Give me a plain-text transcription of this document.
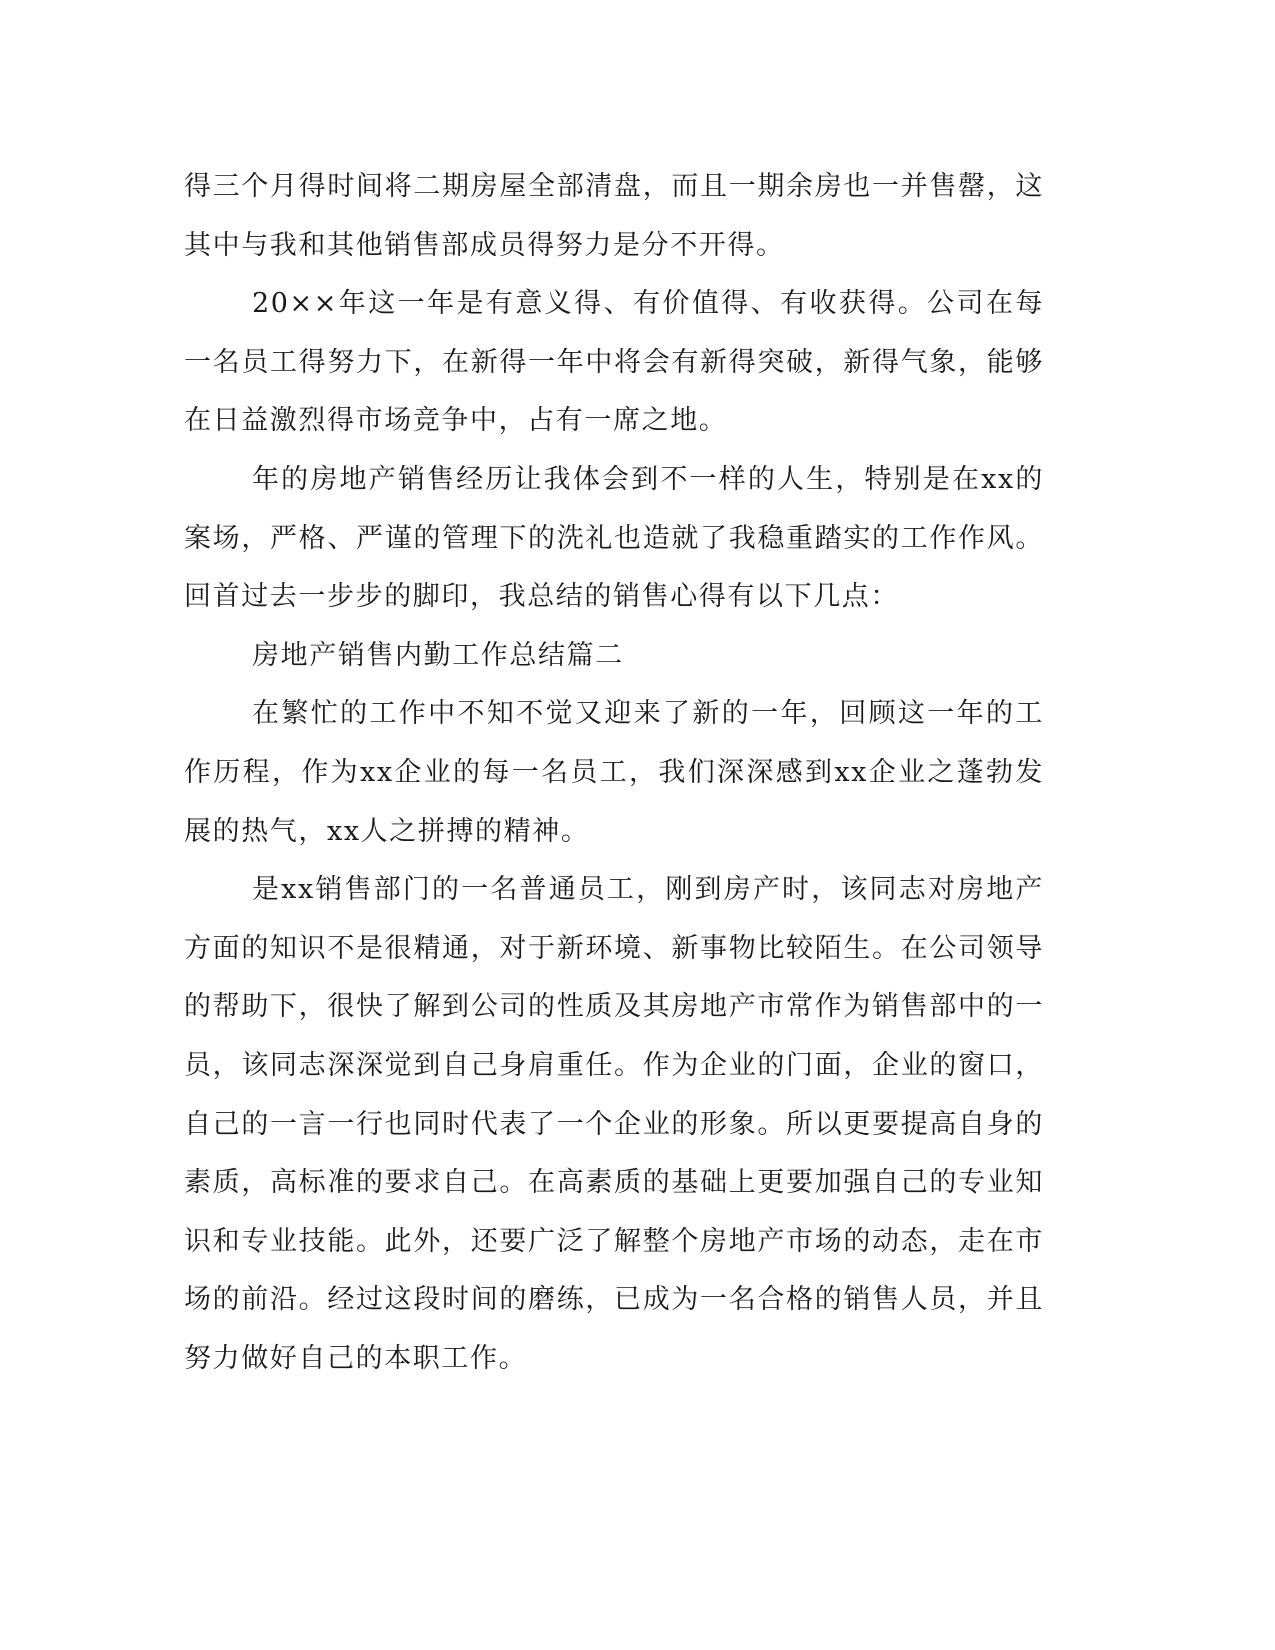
得三个月得时间将二期房屋全部清盘，而且一期余房也一并售罄，这其中与我和其他销售部成员得努力是分不开得。

20××年这一年是有意义得、有价值得、有收获得。公司在每一名员工得努力下，在新得一年中将会有新得突破，新得气象，能够在日益激烈得市场竞争中，占有一席之地。

年的房地产销售经历让我体会到不一样的人生，特别是在xx的案场，严格、严谨的管理下的洗礼也造就了我稳重踏实的工作作风。回首过去一步步的脚印，我总结的销售心得有以下几点：

房地产销售内勤工作总结篇二

在繁忙的工作中不知不觉又迎来了新的一年，回顾这一年的工作历程，作为xx企业的每一名员工，我们深深感到xx企业之蓬勃发展的热气，xx人之拼搏的精神。

是xx销售部门的一名普通员工，刚到房产时，该同志对房地产方面的知识不是很精通，对于新环境、新事物比较陌生。在公司领导的帮助下，很快了解到公司的性质及其房地产市常作为销售部中的一员，该同志深深觉到自己身肩重任。作为企业的门面，企业的窗口，自己的一言一行也同时代表了一个企业的形象。所以更要提高自身的素质，高标准的要求自己。在高素质的基础上更要加强自己的专业知识和专业技能。此外，还要广泛了解整个房地产市场的动态，走在市场的前沿。经过这段时间的磨练，已成为一名合格的销售人员，并且努力做好自己的本职工作。
